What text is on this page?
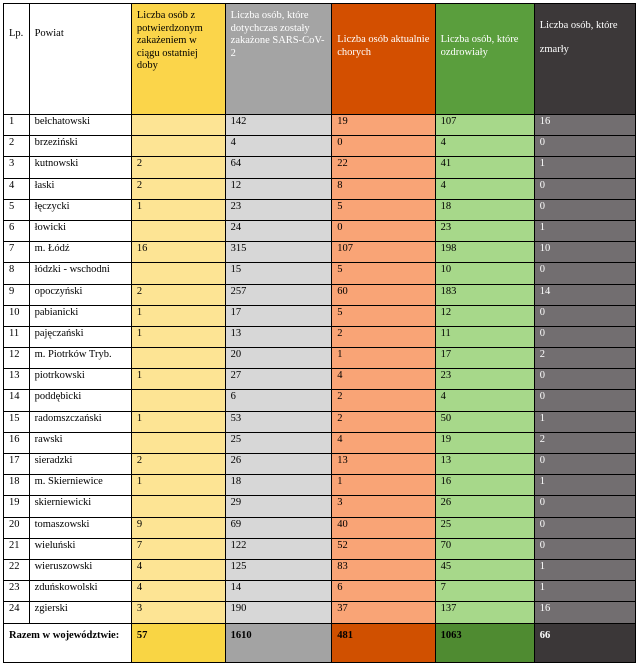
Lp.	Powiat	Liczba osób z potwierdzonym zakażeniem w ciągu ostatniej doby	Liczba osób, które dotychczas zostały zakażone SARS-CoV-2	Liczba osób aktualnie chorych	Liczba osób, które ozdrowiały	Liczba osób, które
zmarły

1	bełchatowski		142	19	107	16
2	brzeziński		4	0	4	0
3	kutnowski	2	64	22	41	1
4	łaski	2	12	8	4	0
5	łęczycki	1	23	5	18	0
6	łowicki		24	0	23	1
7	m. Łódź	16	315	107	198	10
8	łódzki - wschodni		15	5	10	0
9	opoczyński	2	257	60	183	14
10	pabianicki	1	17	5	12	0
11	pajęczański	1	13	2	11	0
12	m. Piotrków Tryb.		20	1	17	2
13	piotrkowski	1	27	4	23	0
14	poddębicki		6	2	4	0
15	radomszczański	1	53	2	50	1
16	rawski		25	4	19	2
17	sieradzki	2	26	13	13	0
18	m. Skierniewice	1	18	1	16	1
19	skierniewicki		29	3	26	0
20	tomaszowski	9	69	40	25	0
21	wieluński	7	122	52	70	0
22	wieruszowski	4	125	83	45	1
23	zduńskowolski	4	14	6	7	1
24	zgierski	3	190	37	137	16
Razem w województwie:		57	1610	481	1063	66
